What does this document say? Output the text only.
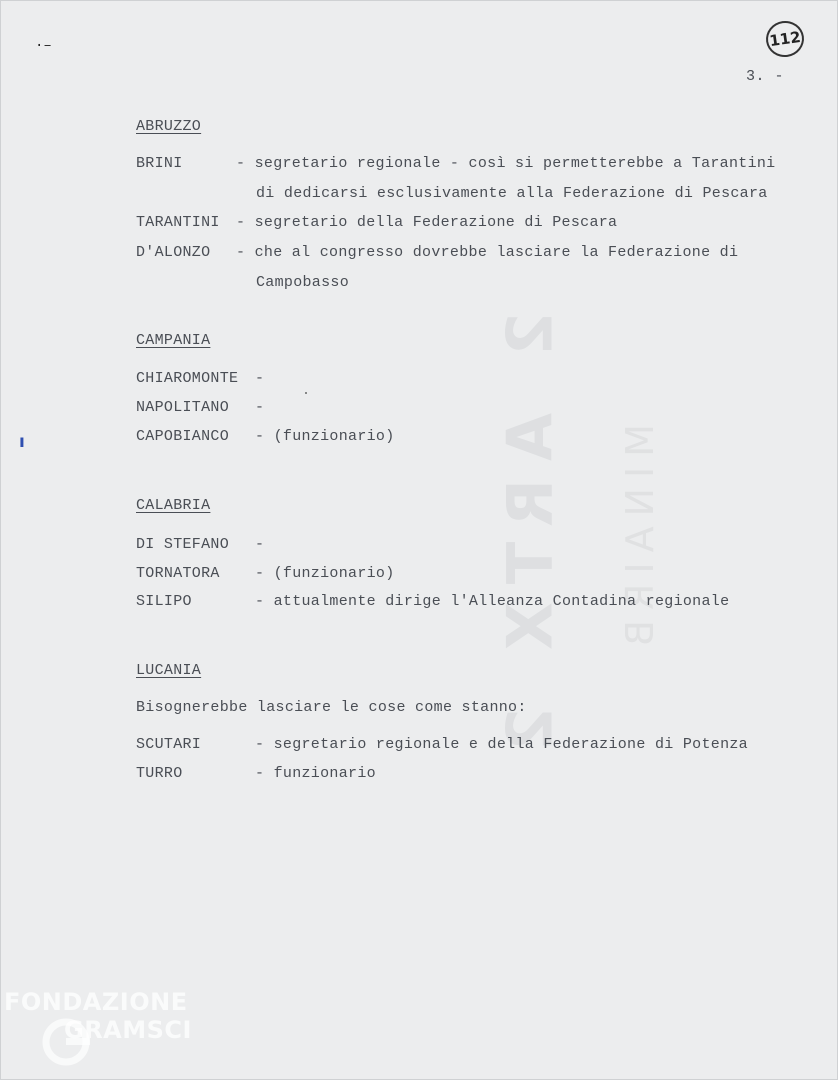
2 ARTX 2 MINAIRB
·–	112
3. -
ABRUZZO
BRINI	- segretario regionale - così si permetterebbe a Tarantini
di dedicarsi esclusivamente alla Federazione di Pescara
TARANTINI - segretario della Federazione di Pescara
D'ALONZO - che al congresso dovrebbe lasciare la Federazione di
Campobasso
CAMPANIA
CHIAROMONTE -
NAPOLITANO -
CAPOBIANCO - (funzionario)
ı
CALABRIA
DI STEFANO -
TORNATORA - (funzionario)
SILIPO	- attualmente dirige l'Alleanza Contadina regionale
LUCANIA
Bisognerebbe lasciare le cose come stanno:
SCUTARI	- segretario regionale e della Federazione di Potenza
TURRO	- funzionario
FONDAZIONE
GRAMSCI
